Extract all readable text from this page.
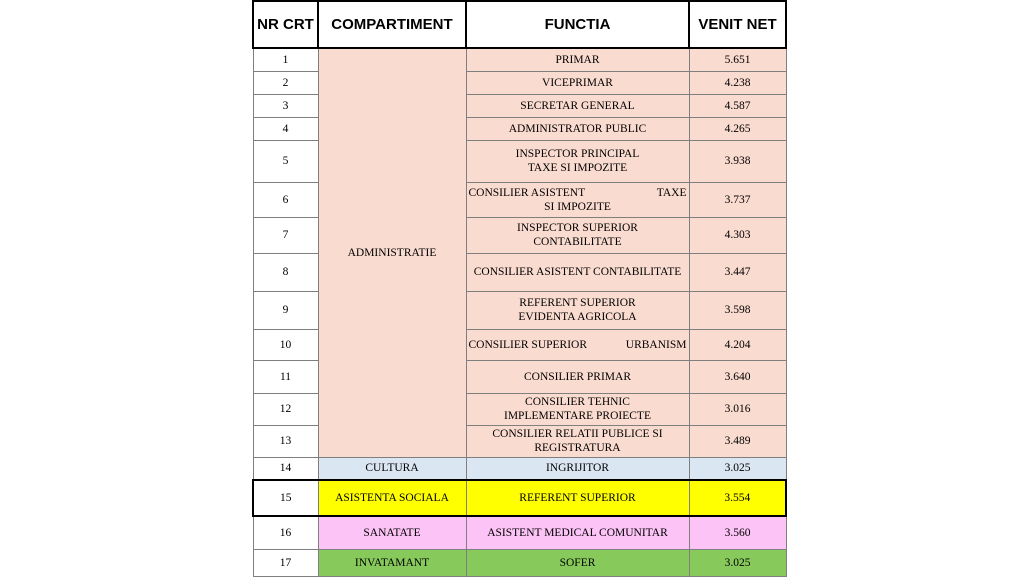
NR CRT	COMPARTIMENT	FUNCTIA	VENIT NET
1	ADMINISTRATIE	PRIMAR	5.651
2		VICEPRIMAR	4.238
3		SECRETAR GENERAL	4.587
4		ADMINISTRATOR PUBLIC	4.265
5		INSPECTOR PRINCIPAL
TAXE SI IMPOZITE	3.938
6		CONSILIER ASISTENT TAXE
SI IMPOZITE	3.737
7		INSPECTOR SUPERIOR
CONTABILITATE	4.303
8		CONSILIER ASISTENT CONTABILITATE	3.447
9		REFERENT SUPERIOR
EVIDENTA AGRICOLA	3.598
10		CONSILIER SUPERIOR URBANISM	4.204
11		CONSILIER PRIMAR	3.640
12		CONSILIER TEHNIC
IMPLEMENTARE PROIECTE	3.016
13		CONSILIER RELATII PUBLICE SI
REGISTRATURA	3.489
14	CULTURA	INGRIJITOR	3.025
15	ASISTENTA SOCIALA	REFERENT SUPERIOR	3.554
16	SANATATE	ASISTENT MEDICAL COMUNITAR	3.560
17	INVATAMANT	SOFER	3.025
